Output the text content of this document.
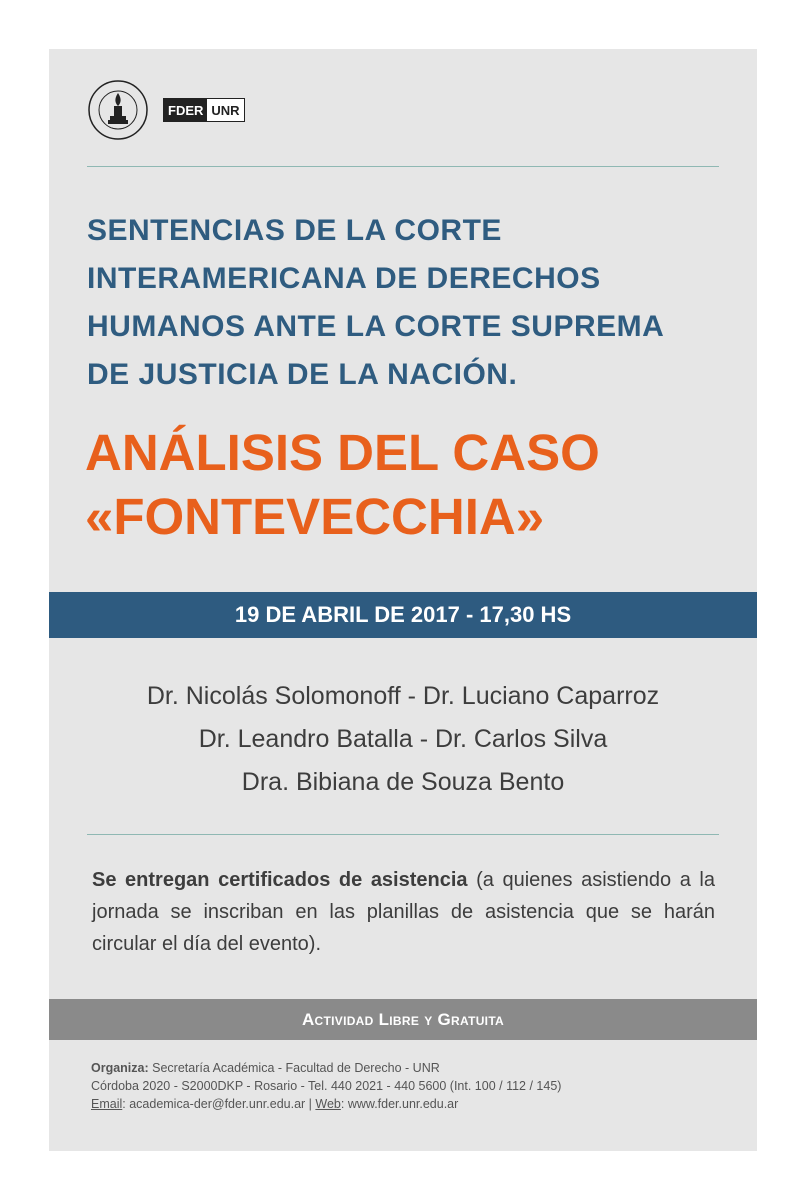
FDER UNR
SENTENCIAS DE LA CORTE
INTERAMERICANA DE DERECHOS
HUMANOS ANTE LA CORTE SUPREMA
DE JUSTICIA DE LA NACIÓN.
ANÁLISIS DEL CASO
«FONTEVECCHIA»
19 DE ABRIL DE 2017 - 17,30 HS
Dr. Nicolás Solomonoff - Dr. Luciano Caparroz
Dr. Leandro Batalla - Dr. Carlos Silva
Dra. Bibiana de Souza Bento

Se entregan certificados de asistencia (a quienes asistiendo a la jornada se inscriban en las planillas de asistencia que se harán circular el día del evento).

Actividad Libre y Gratuita
Organiza: Secretaría Académica - Facultad de Derecho - UNR
Córdoba 2020 - S2000DKP - Rosario - Tel. 440 2021 - 440 5600 (Int. 100 / 112 / 145)
Email: academica-der@fder.unr.edu.ar | Web: www.fder.unr.edu.ar
